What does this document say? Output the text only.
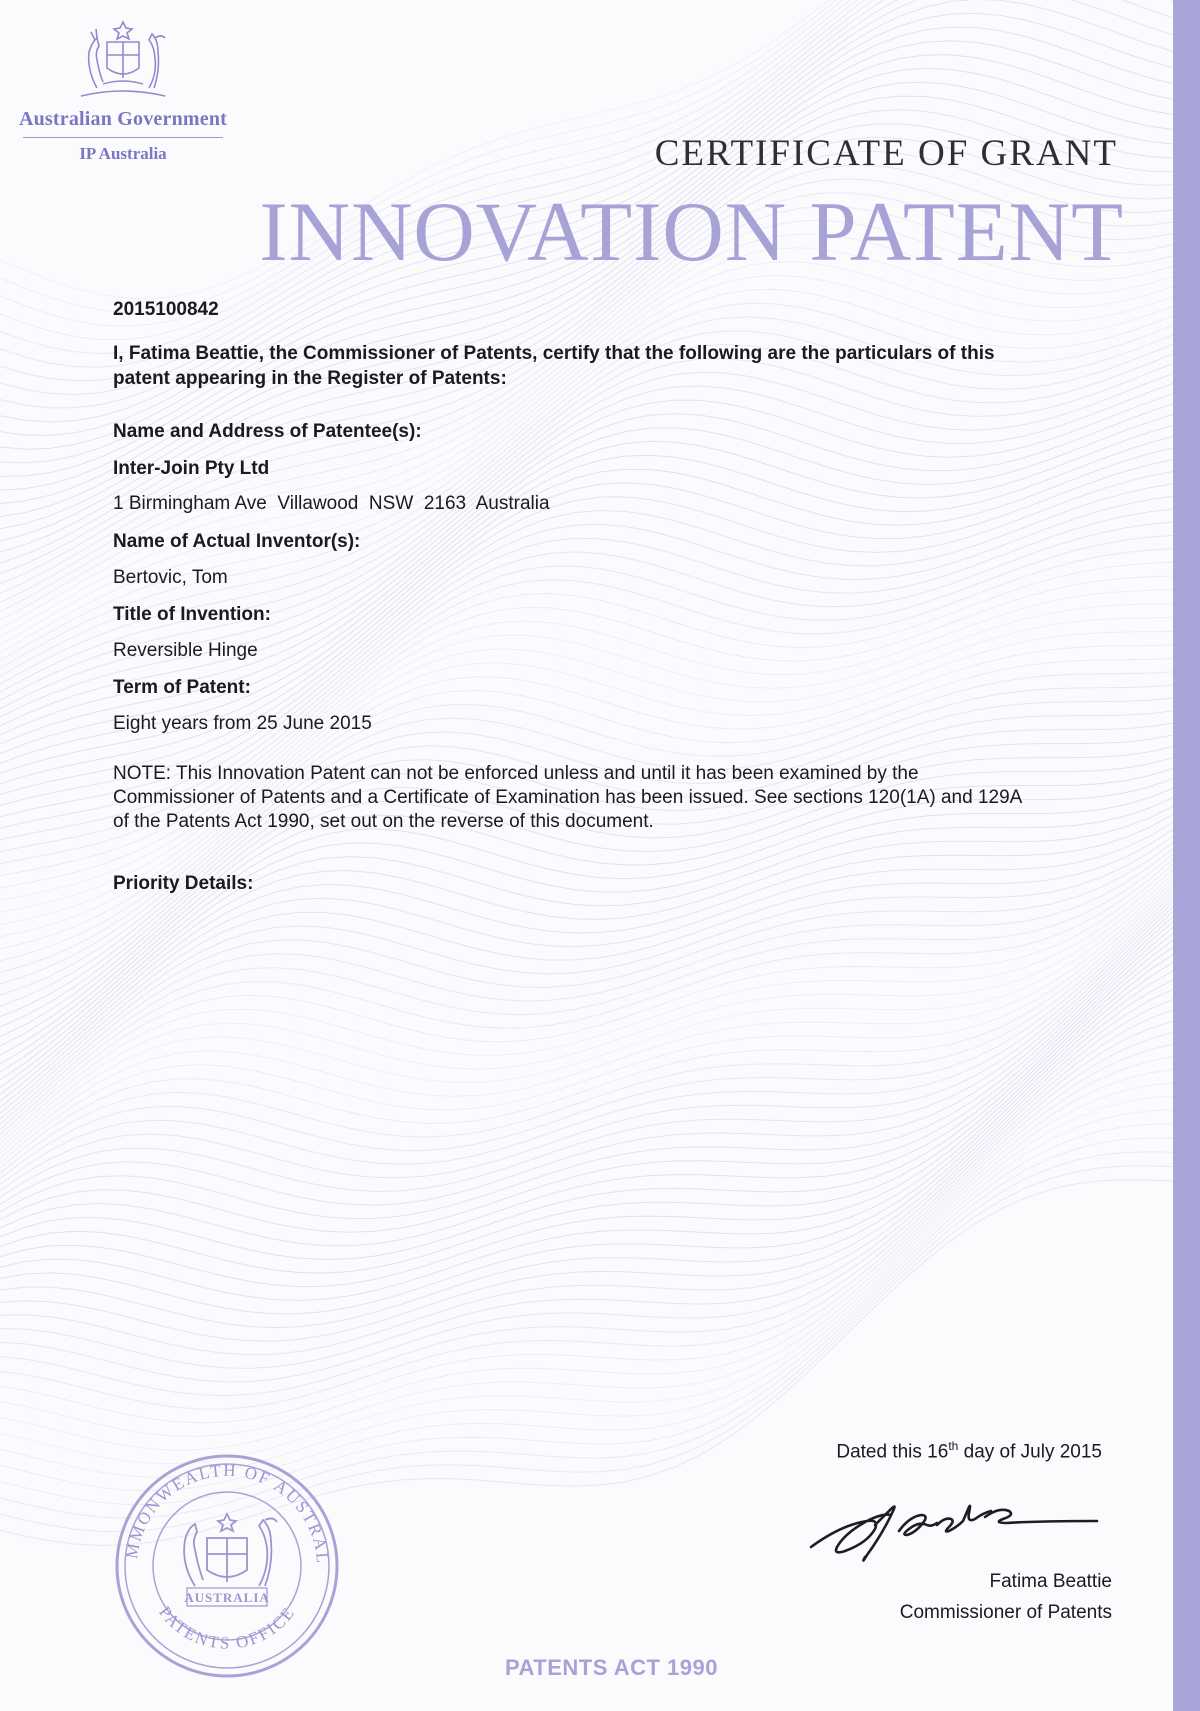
Australian Government
IP Australia	CERTIFICATE OF GRANT
INNOVATION PATENT
2015100842
I, Fatima Beattie, the Commissioner of Patents, certify that the following are the particulars of this patent appearing in the Register of Patents:
Name and Address of Patentee(s):
Inter-Join Pty Ltd
1 Birmingham Ave  Villawood  NSW  2163  Australia
Name of Actual Inventor(s):
Bertovic, Tom
Title of Invention:
Reversible Hinge
Term of Patent:
Eight years from 25 June 2015
NOTE: This Innovation Patent can not be enforced unless and until it has been examined by the Commissioner of Patents and a Certificate of Examination has been issued. See sections 120(1A) and 129A of the Patents Act 1990, set out on the reverse of this document.
Priority Details:
MMONWEALTH OF AUSTRAL
PATENTS OFFICE
AUSTRALIA
Dated this 16th day of July 2015
Fatima Beattie
Commissioner of Patents
PATENTS ACT 1990
